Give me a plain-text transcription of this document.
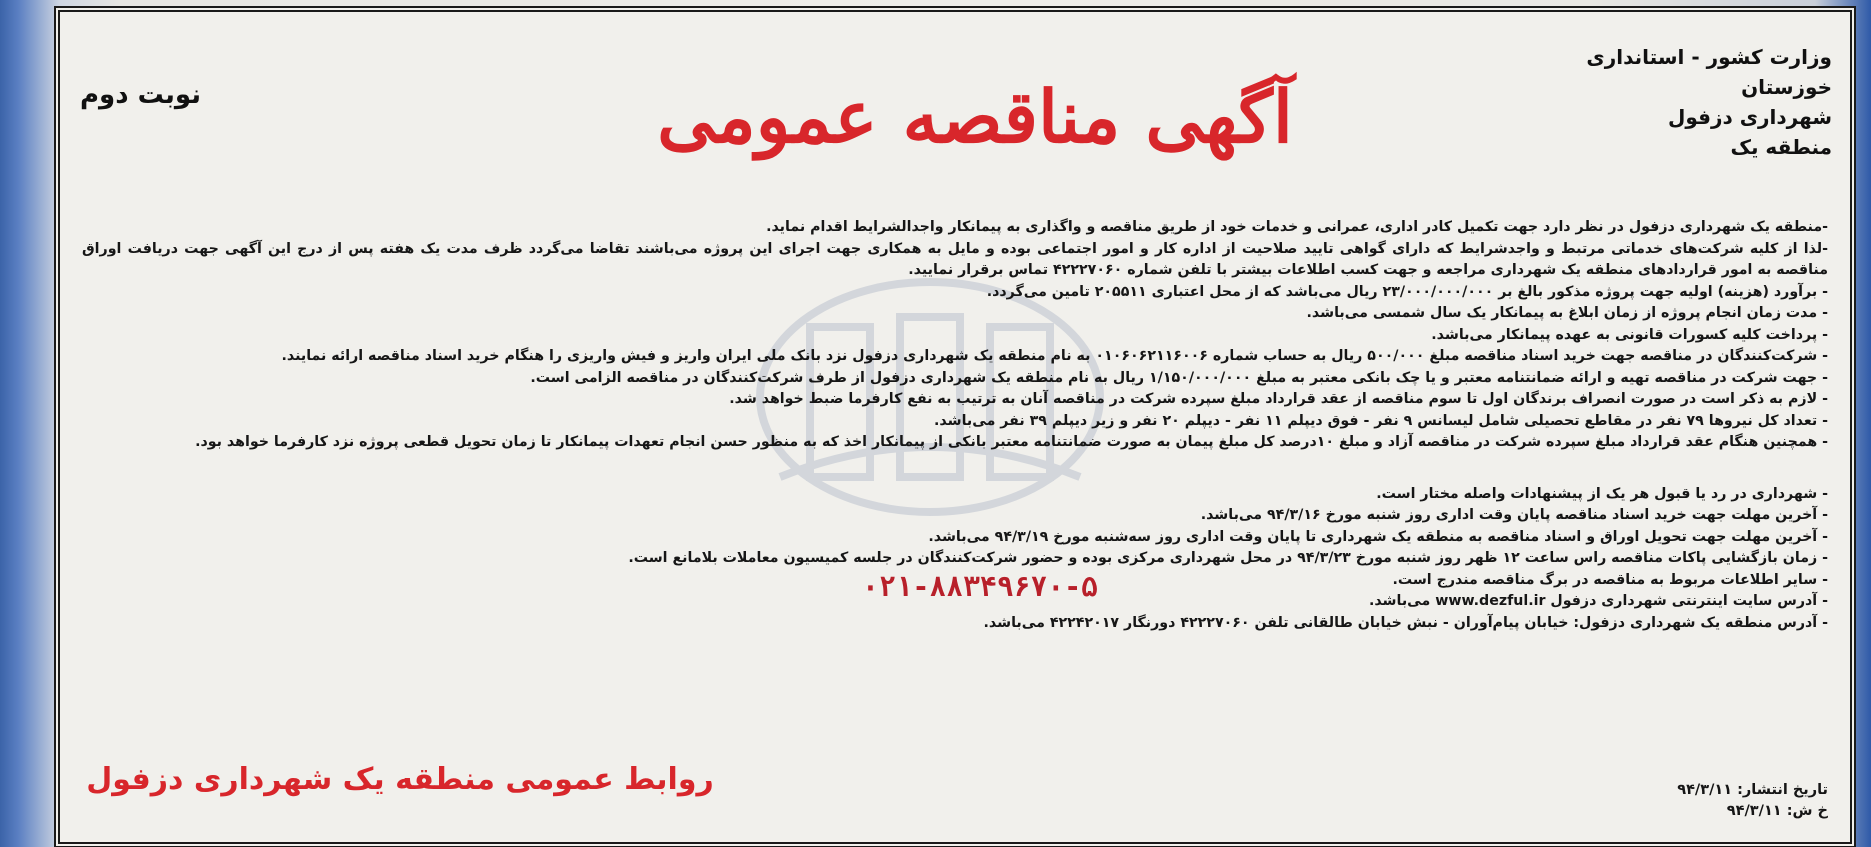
وزارت کشور - استانداری خوزستان
شهرداری دزفول
منطقه یک
آگهی مناقصه عمومی
نوبت دوم

-منطقه یک شهرداری دزفول در نظر دارد جهت تکمیل کادر اداری، عمرانی و خدمات خود از طریق مناقصه و واگذاری به پیمانکار واجدالشرایط اقدام نماید.

-لذا از کلیه شرکت‌های خدماتی مرتبط و واجدشرایط که دارای گواهی تایید صلاحیت از اداره کار و امور اجتماعی بوده و مایل به همکاری جهت اجرای این پروژه می‌باشند تقاضا می‌گردد ظرف مدت یک هفته پس از درج این آگهی جهت دریافت اوراق مناقصه به امور قراردادهای منطقه یک شهرداری مراجعه و جهت کسب اطلاعات بیشتر با تلفن شماره ۴۲۲۲۷۰۶۰ تماس برقرار نمایید.

- برآورد (هزینه) اولیه جهت پروژه مذکور بالغ بر ۲۳/۰۰۰/۰۰۰/۰۰۰ ریال می‌باشد که از محل اعتباری ۲۰۵۵۱۱ تامین می‌گردد.

- مدت زمان انجام پروژه از زمان ابلاغ به پیمانکار یک سال شمسی می‌باشد.

- پرداخت کلیه کسورات قانونی به عهده پیمانکار می‌باشد.

- شرکت‌کنندگان در مناقصه جهت خرید اسناد مناقصه مبلغ ۵۰۰/۰۰۰ ریال به حساب شماره ۰۱۰۶۰۶۲۱۱۶۰۰۶ به نام منطقه یک شهرداری دزفول نزد بانک ملی ایران واریز و فیش واریزی را هنگام خرید اسناد مناقصه ارائه نمایند.

- جهت شرکت در مناقصه تهیه و ارائه ضمانتنامه معتبر و یا چک بانکی معتبر به مبلغ ۱/۱۵۰/۰۰۰/۰۰۰ ریال به نام منطقه یک شهرداری دزفول از طرف شرکت‌کنندگان در مناقصه الزامی است.

- لازم به ذکر است در صورت انصراف برندگان اول تا سوم مناقصه از عقد قرارداد مبلغ سپرده شرکت در مناقصه آنان به ترتیب به نفع کارفرما ضبط خواهد شد.

- تعداد کل نیروها ۷۹ نفر در مقاطع تحصیلی شامل لیسانس ۹ نفر - فوق دیپلم ۱۱ نفر - دیپلم ۲۰ نفر و زیر دیپلم ۳۹ نفر می‌باشد.

- همچنین هنگام عقد قرارداد مبلغ سپرده شرکت در مناقصه آزاد و مبلغ ۱۰درصد کل مبلغ پیمان به صورت ضمانتنامه معتبر بانکی از پیمانکار اخذ که به منظور حسن انجام تعهدات پیمانکار تا زمان تحویل قطعی پروژه نزد کارفرما خواهد بود.

- شهرداری در رد یا قبول هر یک از پیشنهادات واصله مختار است.

- آخرین مهلت جهت خرید اسناد مناقصه پایان وقت اداری روز شنبه مورخ ۹۴/۳/۱۶ می‌باشد.

- آخرین مهلت جهت تحویل اوراق و اسناد مناقصه به منطقه یک شهرداری تا پایان وقت اداری روز سه‌شنبه مورخ ۹۴/۳/۱۹ می‌باشد.

- زمان بازگشایی پاکات مناقصه راس ساعت ۱۲ ظهر روز شنبه مورخ ۹۴/۳/۲۳ در محل شهرداری مرکزی بوده و حضور شرکت‌کنندگان در جلسه کمیسیون معاملات بلامانع است.

- سایر اطلاعات مربوط به مناقصه در برگ مناقصه مندرج است.

- آدرس سایت اینترنتی شهرداری دزفول www.dezful.ir می‌باشد.

- آدرس منطقه یک شهرداری دزفول: خیابان پیام‌آوران - نبش خیابان طالقانی تلفن ۴۲۲۲۷۰۶۰ دورنگار ۴۲۲۴۲۰۱۷ می‌باشد.

۰۲۱-۸۸۳۴۹۶۷۰-۵
روابط عمومی منطقه یک شهرداری دزفول	تاریخ انتشار: ۹۴/۳/۱۱
خ ش: ۹۴/۳/۱۱
